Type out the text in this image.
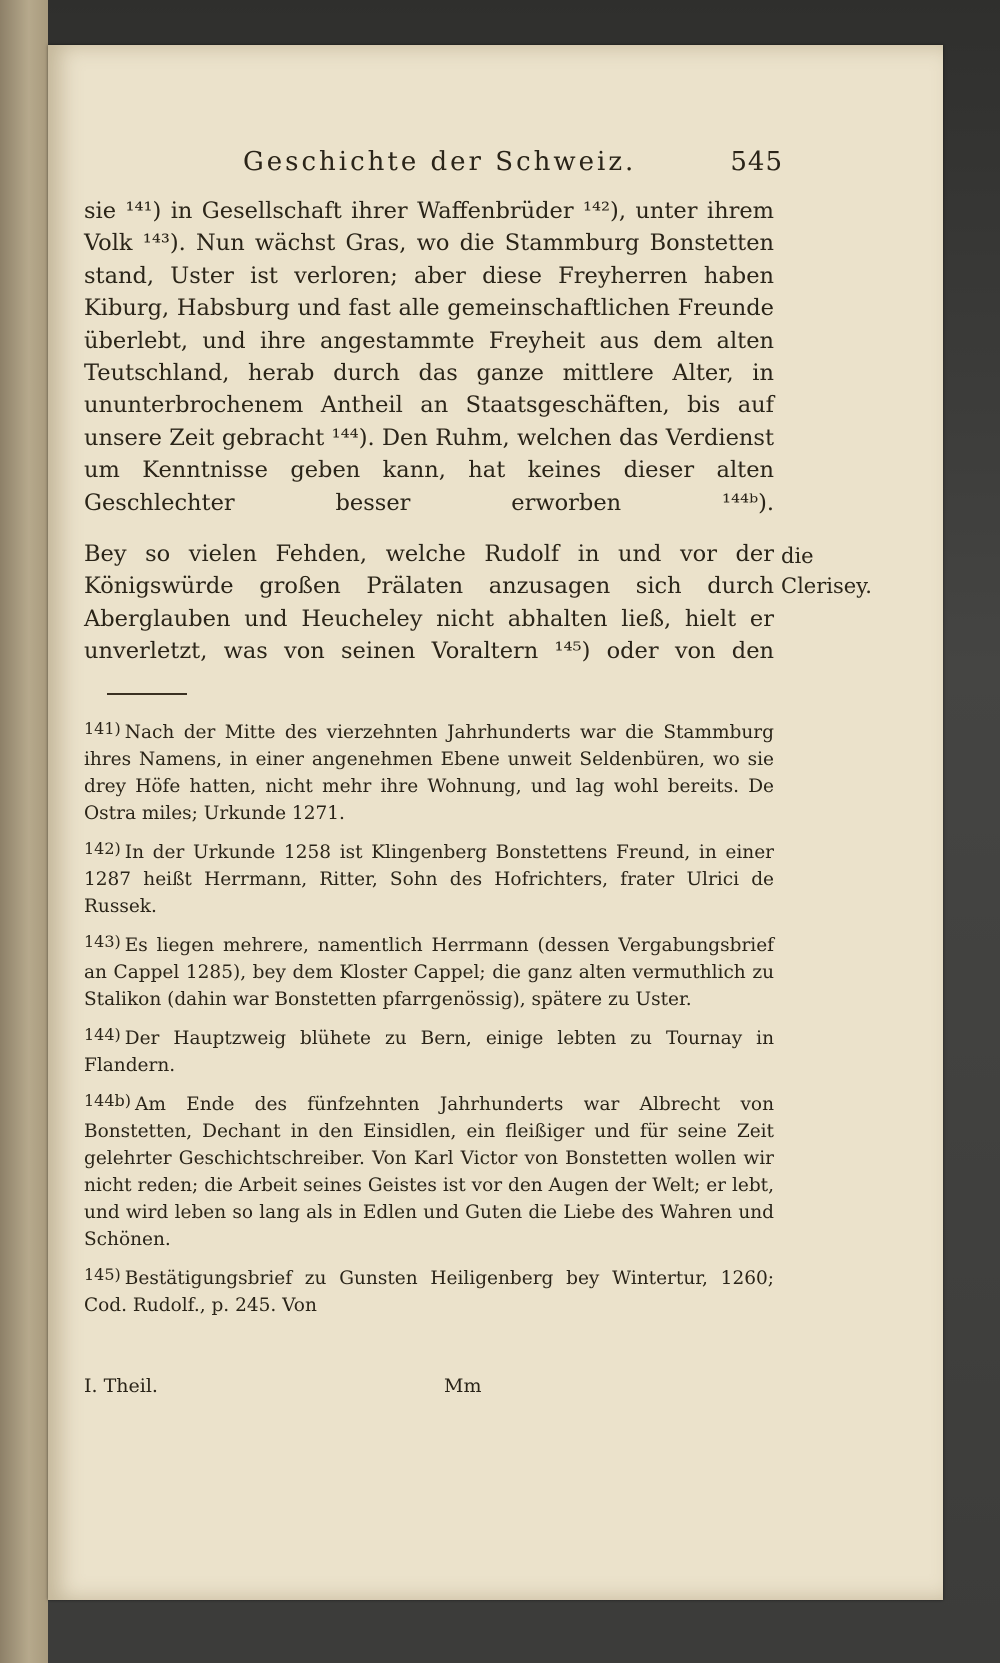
Geschichte der Schweiz.	545
sie ¹⁴¹) in Gesellschaft ihrer Waffenbrüder ¹⁴²), unter ihrem Volk ¹⁴³). Nun wächst Gras, wo die Stammburg Bonstetten stand, Uster ist verloren; aber diese Freyherren haben Kiburg, Habsburg und fast alle gemeinschaftlichen Freunde überlebt, und ihre angestammte Freyheit aus dem alten Teutschland, herab durch das ganze mittlere Alter, in ununterbrochenem Antheil an Staatsgeschäften, bis auf unsere Zeit gebracht ¹⁴⁴). Den Ruhm, welchen das Verdienst um Kenntnisse geben kann, hat keines dieser alten Geschlechter besser erworben ¹⁴⁴ᵇ).
Bey so vielen Fehden, welche Rudolf in und vor der Königswürde großen Prälaten anzusagen sich durch Aberglauben und Heucheley nicht abhalten ließ, hielt er unverletzt, was von seinen Voraltern ¹⁴⁵) oder von den
die Clerisey.

141) Nach der Mitte des vierzehnten Jahrhunderts war die Stammburg ihres Namens, in einer angenehmen Ebene unweit Seldenbüren, wo sie drey Höfe hatten, nicht mehr ihre Wohnung, und lag wohl bereits. De Ostra miles; Urkunde 1271.

142) In der Urkunde 1258 ist Klingenberg Bonstettens Freund, in einer 1287 heißt Herrmann, Ritter, Sohn des Hofrichters, frater Ulrici de Russek.

143) Es liegen mehrere, namentlich Herrmann (dessen Vergabungsbrief an Cappel 1285), bey dem Kloster Cappel; die ganz alten vermuthlich zu Stalikon (dahin war Bonstetten pfarrgenössig), spätere zu Uster.

144) Der Hauptzweig blühete zu Bern, einige lebten zu Tournay in Flandern.

144b) Am Ende des fünfzehnten Jahrhunderts war Albrecht von Bonstetten, Dechant in den Einsidlen, ein fleißiger und für seine Zeit gelehrter Geschichtschreiber. Von Karl Victor von Bonstetten wollen wir nicht reden; die Arbeit seines Geistes ist vor den Augen der Welt; er lebt, und wird leben so lang als in Edlen und Guten die Liebe des Wahren und Schönen.

145) Bestätigungsbrief zu Gunsten Heiligenberg bey Wintertur, 1260; Cod. Rudolf., p. 245. Von

I. Theil.	Mm
